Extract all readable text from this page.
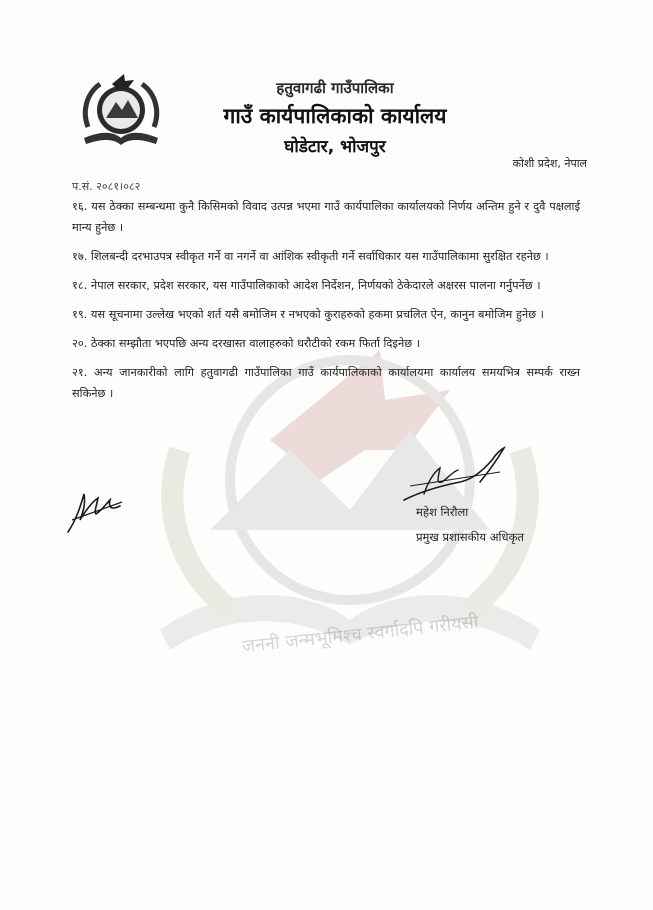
जननी जन्मभूमिश्च स्वर्गादपि गरीयसी

हतुवागढी गाउँपालिका

गाउँ कार्यपालिकाको कार्यालय

घोडेटार, भोजपुर

कोशी प्रदेश, नेपाल
प.सं. २०८१।०८२

१६. यस ठेक्का सम्बन्धमा कुनै किसिमको विवाद उत्पन्न भएमा गाउँ कार्यपालिका कार्यालयको निर्णय अन्तिम हुने र दुवै पक्षलाई मान्य हुनेछ ।

१७. शिलबन्दी दरभाउपत्र स्वीकृत गर्ने वा नगर्ने वा आंशिक स्वीकृती गर्ने सर्वाधिकार यस गाउँपालिकामा सुरक्षित रहनेछ ।

१८. नेपाल सरकार, प्रदेश सरकार, यस गाउँपालिकाको आदेश निर्देशन, निर्णयको ठेकेदारले अक्षरस पालना गर्नुपर्नेछ ।

१९. यस सूचनामा उल्लेख भएको शर्त यसै बमोजिम र नभएको कुराहरुको हकमा प्रचलित ऐन, कानुन बमोजिम हुनेछ ।

२०. ठेक्का सम्झौता भएपछि अन्य दरखास्त वालाहरुको धरौटीको रकम फिर्ता दिइनेछ ।

२१. अन्य जानकारीको लागि हतुवागढी गाउँपालिका गाउँ कार्यपालिकाको कार्यालयमा कार्यालय समयभित्र सम्पर्क राख्न सकिनेछ ।

महेश निरौला
प्रमुख प्रशासकीय अधिकृत
